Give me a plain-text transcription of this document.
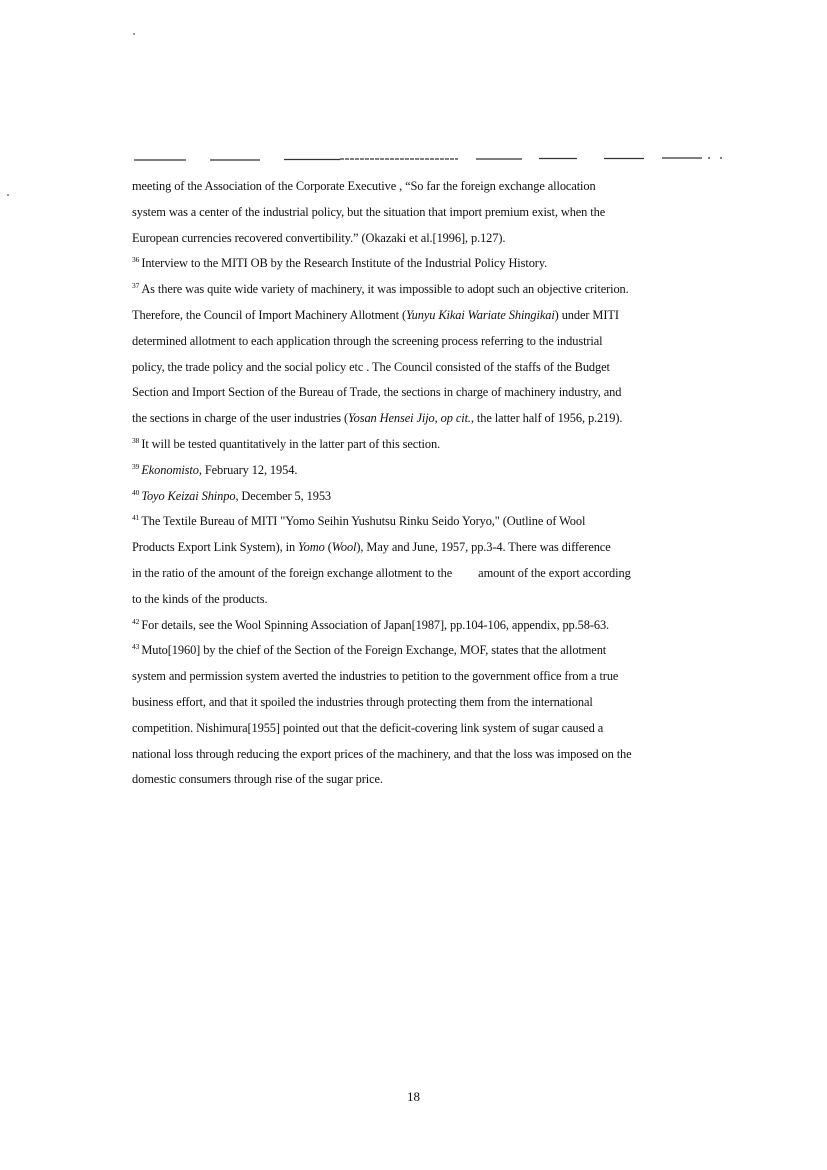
meeting of the Association of the Corporate Executive , “So far the foreign exchange allocation
system was a center of the industrial policy, but the situation that import premium exist, when the
European currencies recovered convertibility.” (Okazaki et al.[1996], p.127).
$^{36}$ Interview to the MITI OB by the Research Institute of the Industrial Policy History.
$^{37}$ As there was quite wide variety of machinery, it was impossible to adopt such an objective criterion.
Therefore, the Council of Import Machinery Allotment (Yunyu Kikai Wariate Shingikai) under MITI
determined allotment to each application through the screening process referring to the industrial
policy, the trade policy and the social policy etc . The Council consisted of the staffs of the Budget
Section and Import Section of the Bureau of Trade, the sections in charge of machinery industry, and
the sections in charge of the user industries (Yosan Hensei Jijo, op cit., the latter half of 1956, p.219).
$^{38}$ It will be tested quantitatively in the latter part of this section.
$^{39}$ Ekonomisto, February 12, 1954.
$^{40}$ Toyo Keizai Shinpo, December 5, 1953
$^{41}$ The Textile Bureau of MITI "Yomo Seihin Yushutsu Rinku Seido Yoryo," (Outline of Wool
Products Export Link System), in Yomo (Wool), May and June, 1957, pp.3-4. There was difference
in the ratio of the amount of the foreign exchange allotment to the amount of the export according
to the kinds of the products.
$^{42}$ For details, see the Wool Spinning Association of Japan[1987], pp.104-106, appendix, pp.58-63.
$^{43}$ Muto[1960] by the chief of the Section of the Foreign Exchange, MOF, states that the allotment
system and permission system averted the industries to petition to the government office from a true
business effort, and that it spoiled the industries through protecting them from the international
competition. Nishimura[1955] pointed out that the deficit-covering link system of sugar caused a
national loss through reducing the export prices of the machinery, and that the loss was imposed on the
domestic consumers through rise of the sugar price.
18
